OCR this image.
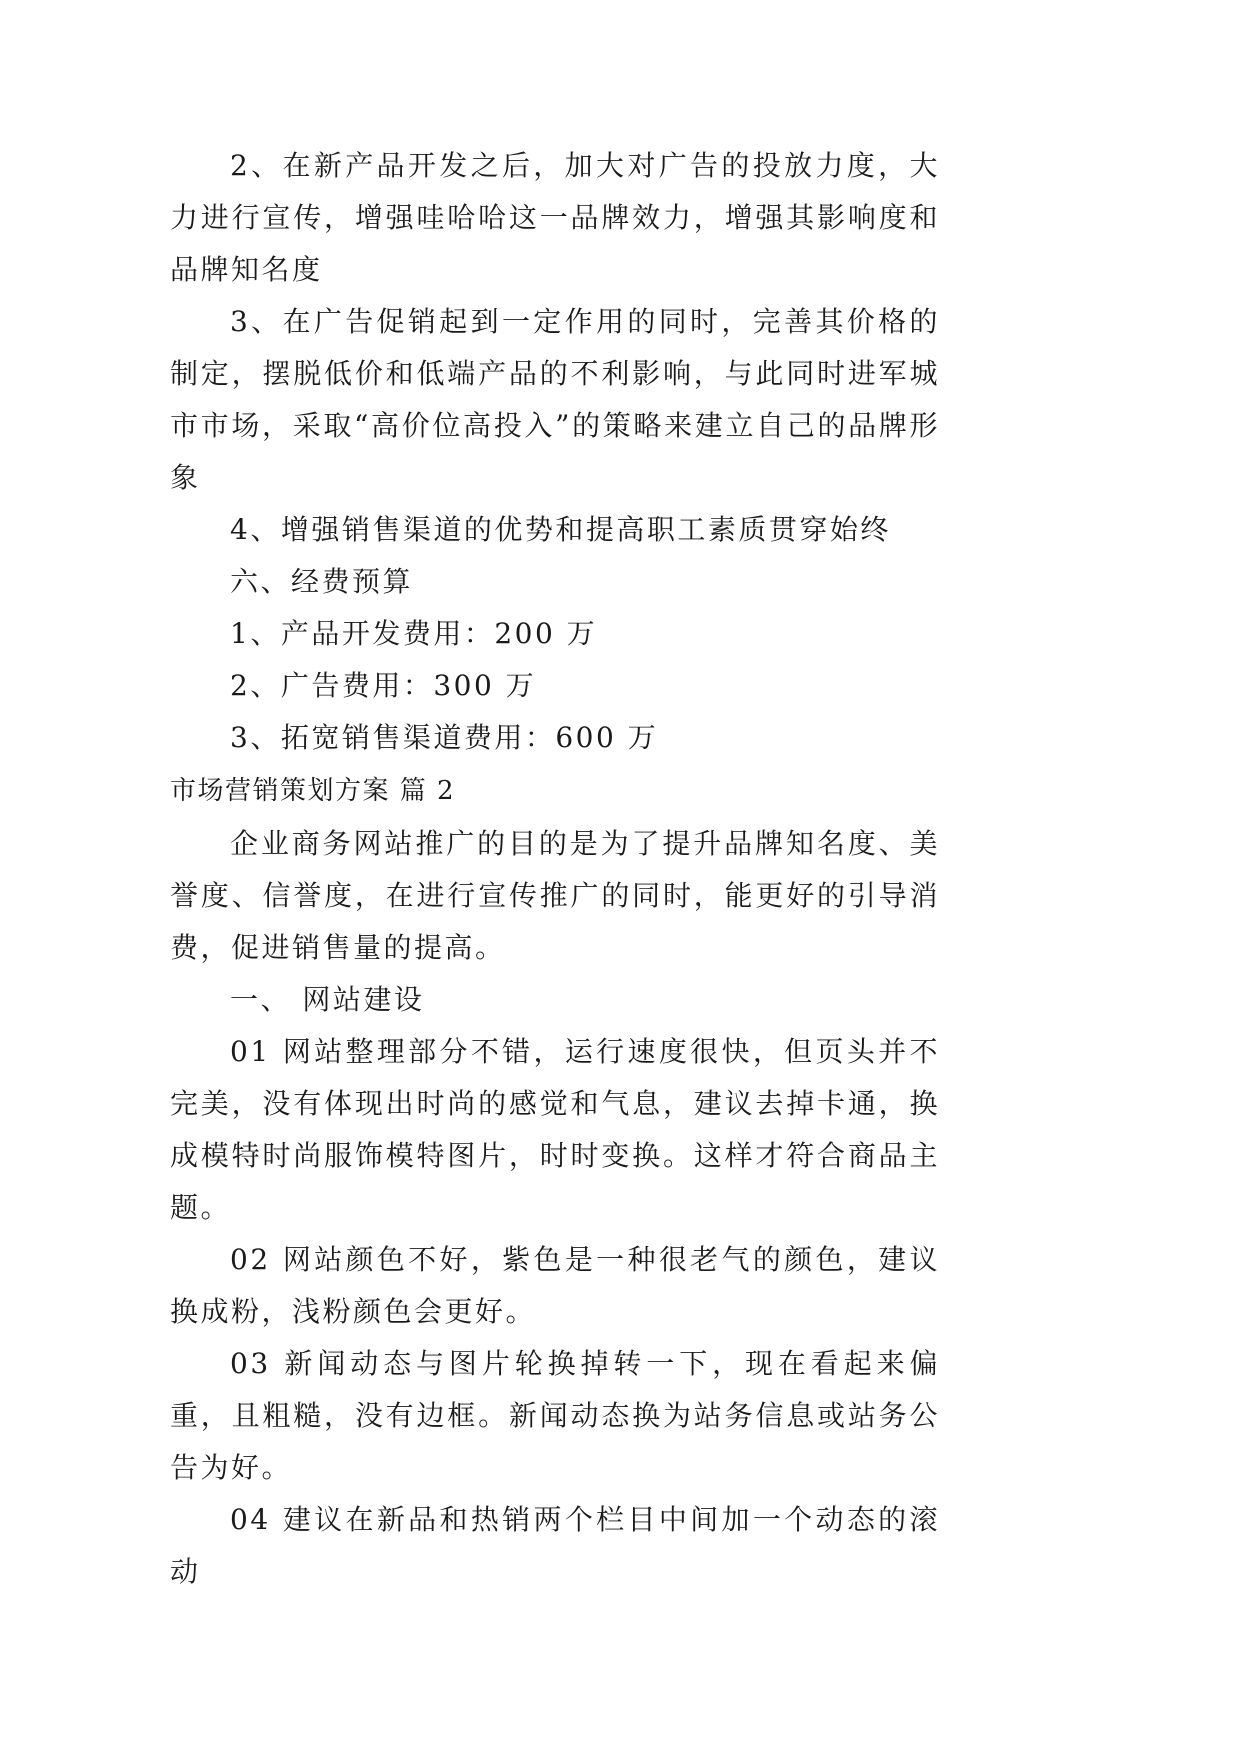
2、在新产品开发之后，加大对广告的投放力度，大力进行宣传，增强哇哈哈这一品牌效力，增强其影响度和品牌知名度

3、在广告促销起到一定作用的同时，完善其价格的制定，摆脱低价和低端产品的不利影响，与此同时进军城市市场，采取“高价位高投入”的策略来建立自己的品牌形象

4、增强销售渠道的优势和提高职工素质贯穿始终

六、经费预算

1、产品开发费用：200 万

2、广告费用：300 万

3、拓宽销售渠道费用：600 万

市场营销策划方案 篇 2

企业商务网站推广的目的是为了提升品牌知名度、美誉度、信誉度，在进行宣传推广的同时，能更好的引导消费，促进销售量的提高。

一、 网站建设

01 网站整理部分不错，运行速度很快，但页头并不完美，没有体现出时尚的感觉和气息，建议去掉卡通，换成模特时尚服饰模特图片，时时变换。这样才符合商品主题。

02 网站颜色不好，紫色是一种很老气的颜色，建议换成粉，浅粉颜色会更好。

03 新闻动态与图片轮换掉转一下，现在看起来偏重，且粗糙，没有边框。新闻动态换为站务信息或站务公告为好。

04 建议在新品和热销两个栏目中间加一个动态的滚动
